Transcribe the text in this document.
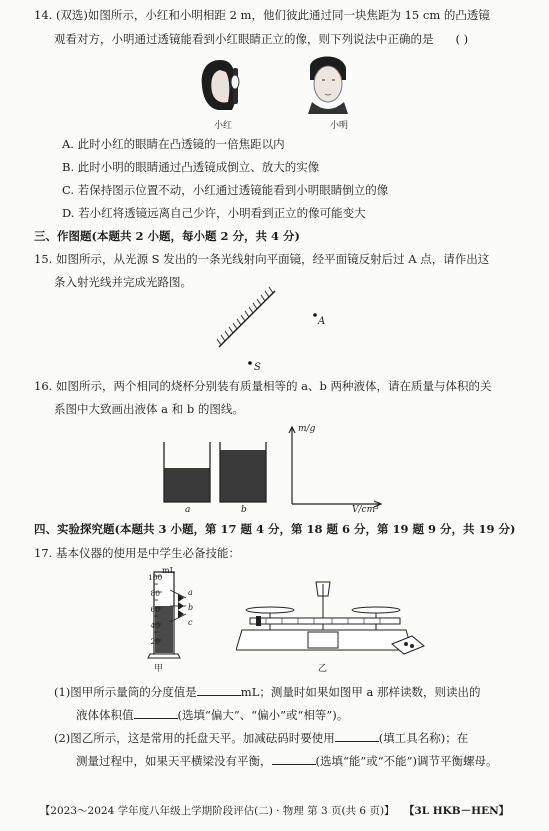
14. (双选)如图所示，小红和小明相距 2 m，他们彼此通过同一块焦距为 15 cm 的凸透镜
观看对方，小明通过透镜能看到小红眼睛正立的像，则下列说法中正确的是 ( )
小红	小明
A. 此时小红的眼睛在凸透镜的一倍焦距以内
B. 此时小明的眼睛通过凸透镜成倒立、放大的实像
C. 若保持图示位置不动，小红通过透镜能看到小明眼睛倒立的像
D. 若小红将透镜远离自己少许，小明看到正立的像可能变大
三、作图题(本题共 2 小题，每小题 2 分，共 4 分)
15. 如图所示，从光源 S 发出的一条光线射向平面镜，经平面镜反射后过 A 点，请作出这
条入射光线并完成光路图。
A
S
16. 如图所示，两个相同的烧杯分别装有质量相等的 a、b 两种液体，请在质量与体积的关
系图中大致画出液体 a 和 b 的图线。
a	b
m/g
V/cm³
四、实验探究题(本题共 3 小题，第 17 题 4 分，第 18 题 6 分，第 19 题 9 分，共 19 分)
17. 基本仪器的使用是中学生必备技能：
100
80
60
40
20
mL
a
b
c
甲	乙
(1)图甲所示量筒的分度值是	mL；测量时如果如图甲 a 那样读数，则读出的
液体体积值	(选填“偏大”、“偏小”或“相等”)。
(2)图乙所示，这是常用的托盘天平。加减砝码时要使用	(填工具名称)；在
测量过程中，如果天平横梁没有平衡，	(选填“能”或“不能”)调节平衡螺母。
【2023～2024 学年度八年级上学期阶段评估(二) · 物理 第 3 页(共 6 页)】 【3L HKB－HEN】
